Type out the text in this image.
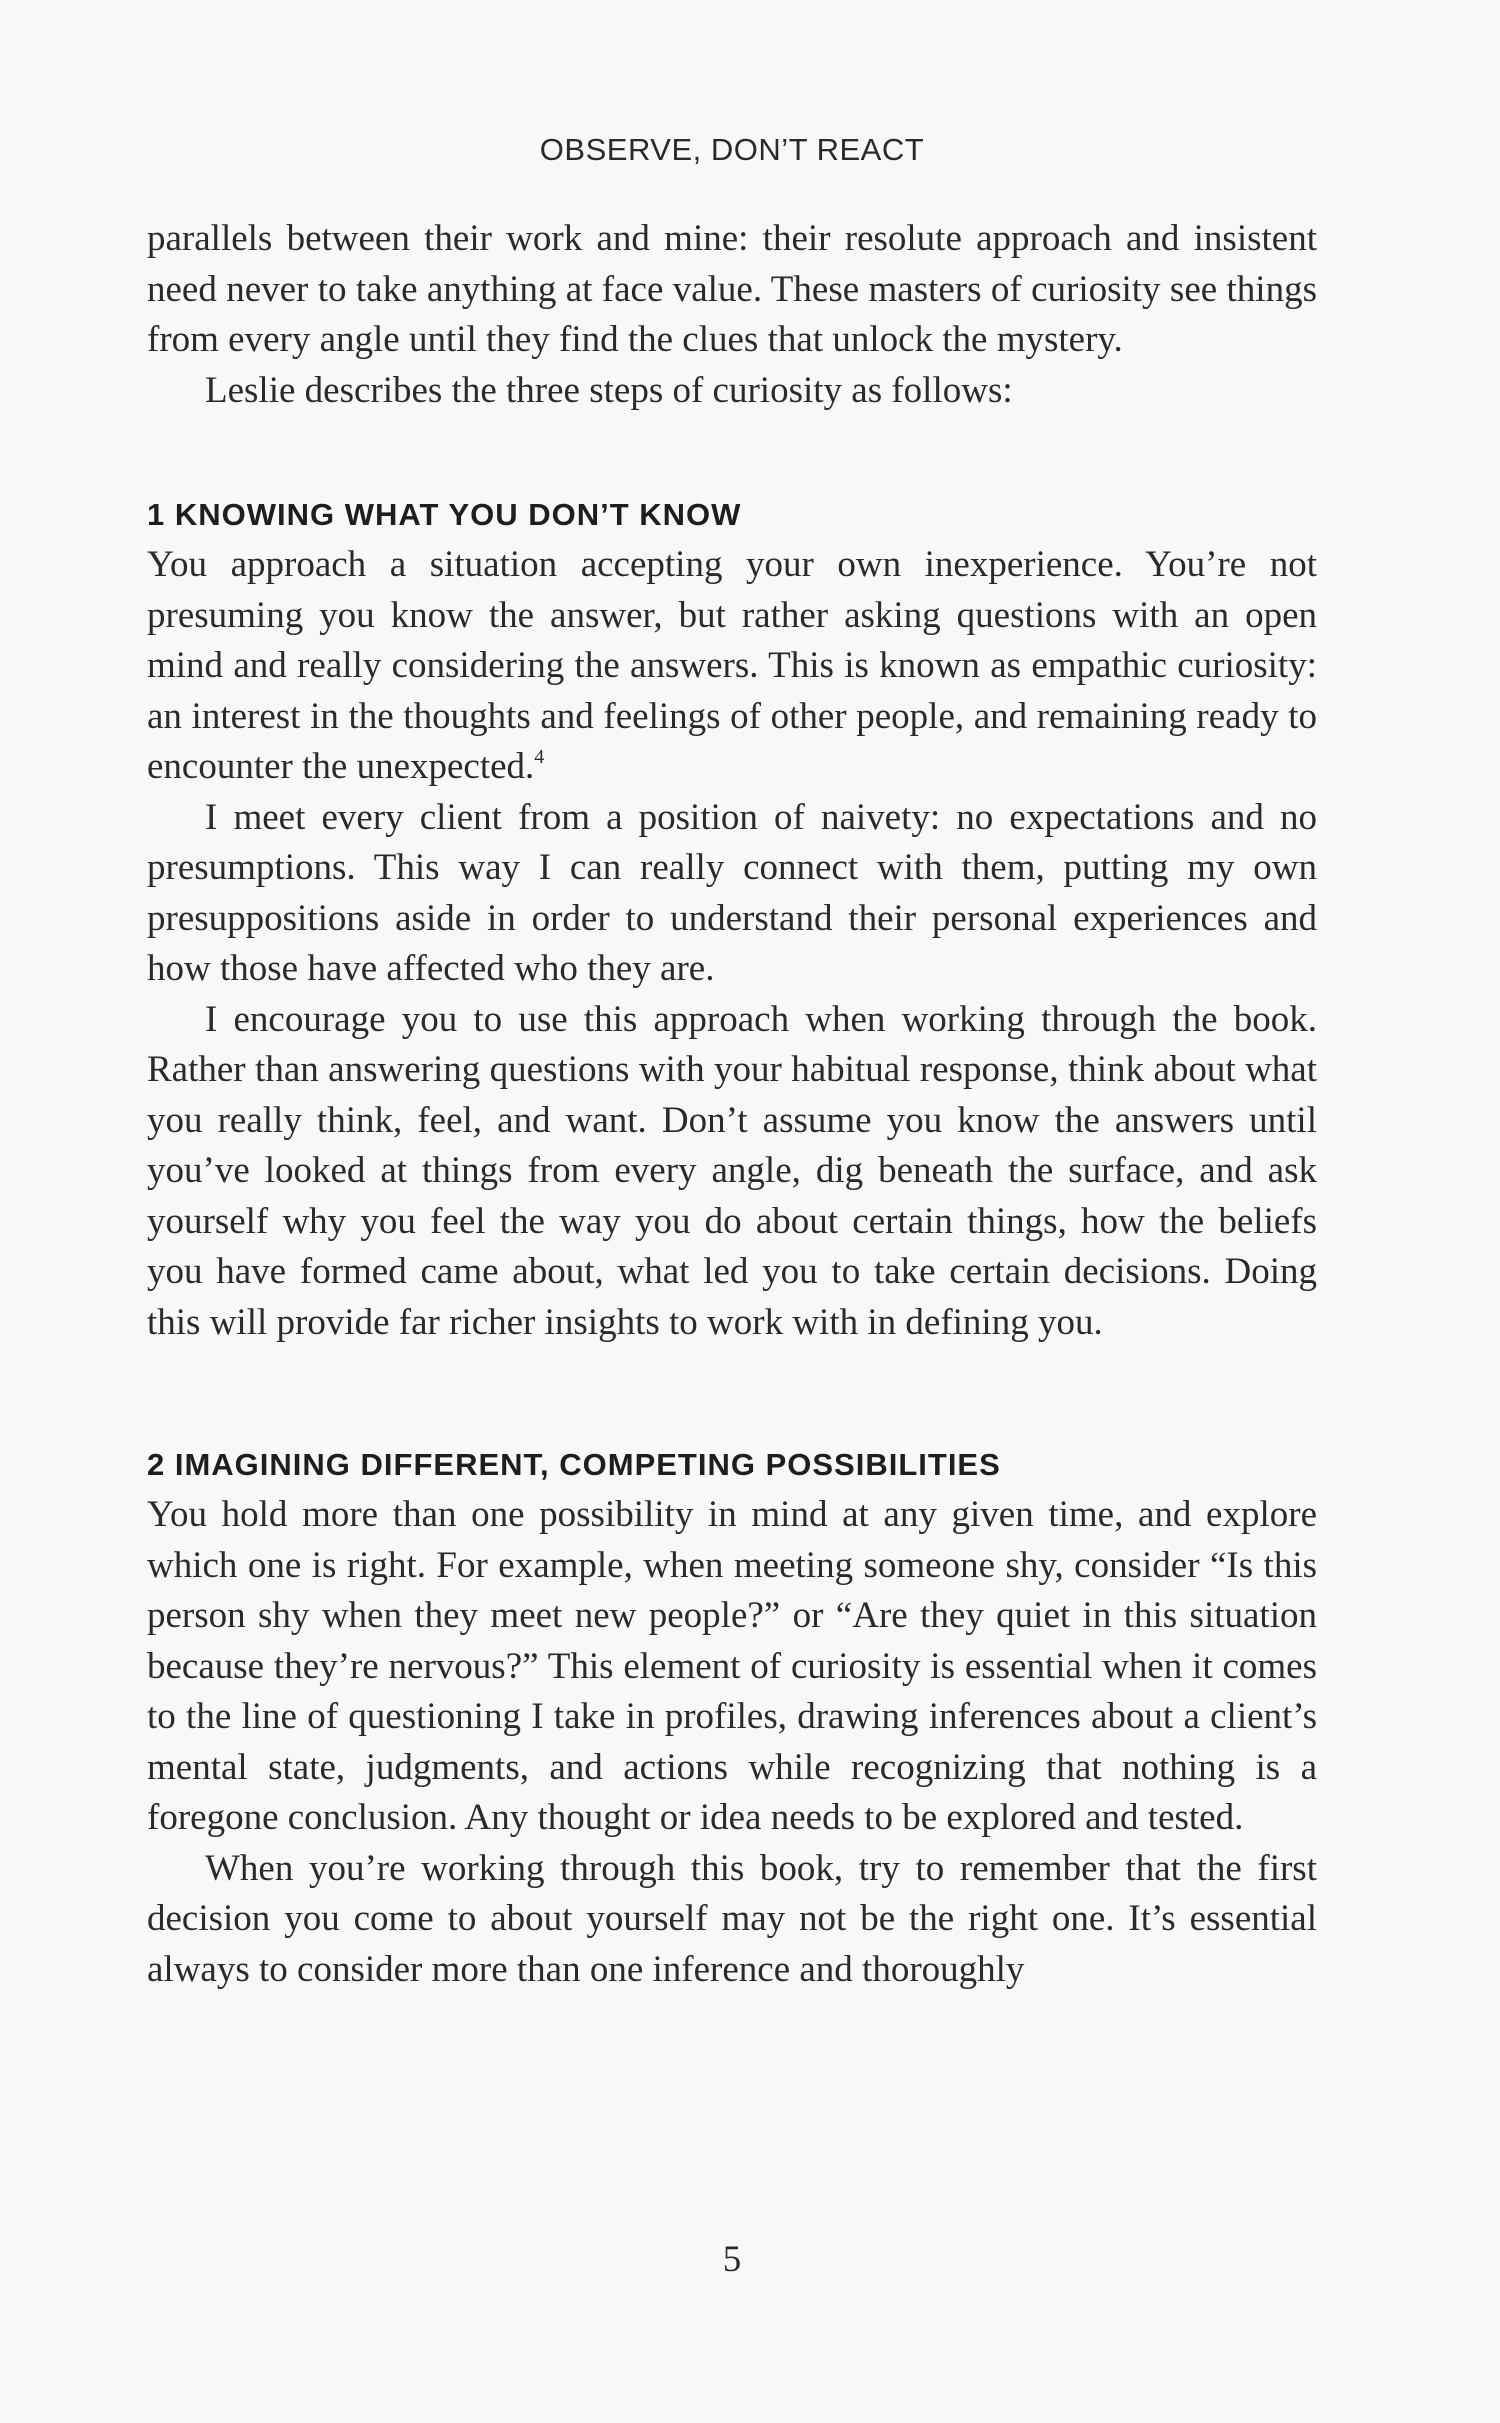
OBSERVE, DON’T REACT

parallels between their work and mine: their resolute approach and insistent need never to take anything at face value. These masters of curiosity see things from every angle until they find the clues that unlock the mystery.

Leslie describes the three steps of curiosity as follows:

1 KNOWING WHAT YOU DON’T KNOW

You approach a situation accepting your own inexperience. You’re not presuming you know the answer, but rather asking questions with an open mind and really considering the answers. This is known as empathic curiosity: an interest in the thoughts and feelings of other people, and remaining ready to encounter the unexpected.$^4$

I meet every client from a position of naivety: no expectations and no presumptions. This way I can really connect with them, putting my own presuppositions aside in order to understand their personal experiences and how those have affected who they are.

I encourage you to use this approach when working through the book. Rather than answering questions with your habitual response, think about what you really think, feel, and want. Don’t assume you know the answers until you’ve looked at things from every angle, dig beneath the surface, and ask yourself why you feel the way you do about certain things, how the beliefs you have formed came about, what led you to take certain decisions. Doing this will provide far richer insights to work with in defining you.

2 IMAGINING DIFFERENT, COMPETING POSSIBILITIES

You hold more than one possibility in mind at any given time, and explore which one is right. For example, when meeting someone shy, consider “Is this person shy when they meet new people?” or “Are they quiet in this situation because they’re nervous?” This element of curiosity is essential when it comes to the line of questioning I take in profiles, drawing inferences about a client’s mental state, judgments, and actions while recognizing that nothing is a foregone conclusion. Any thought or idea needs to be explored and tested.

When you’re working through this book, try to remember that the first decision you come to about yourself may not be the right one. It’s essential always to consider more than one inference and thoroughly

5
